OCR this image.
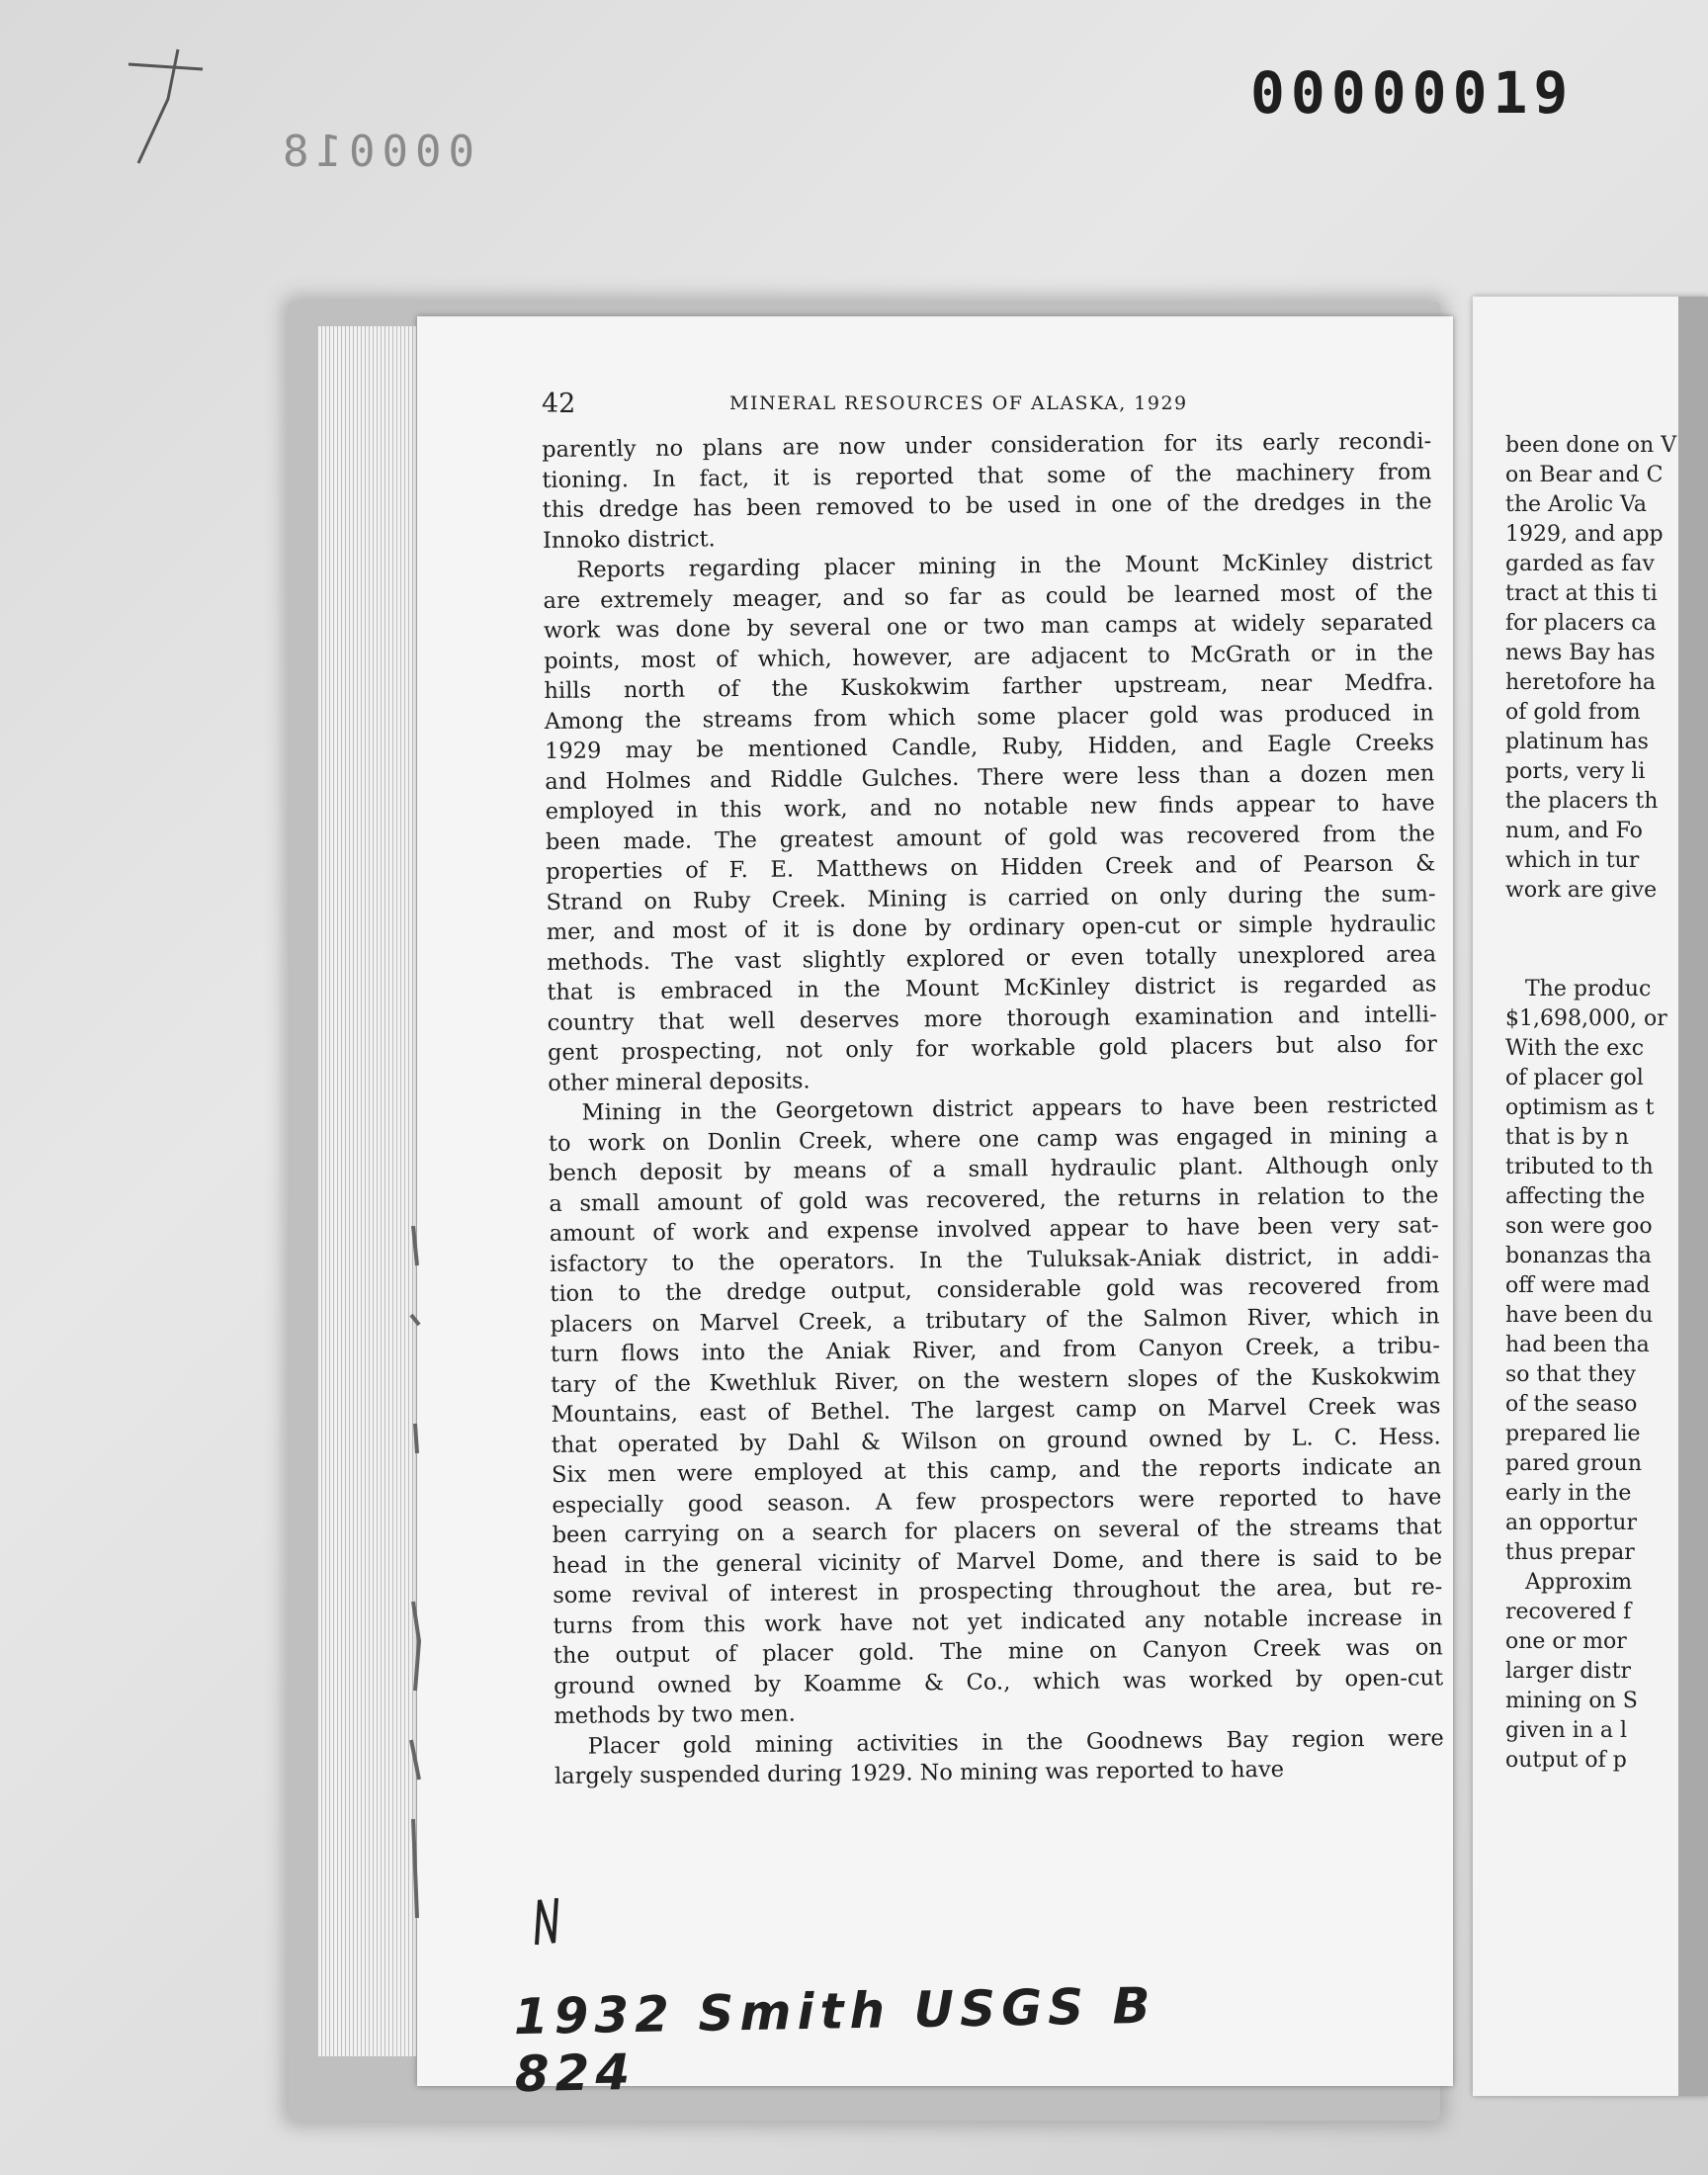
00000019
000018
42	MINERAL RESOURCES OF ALASKA, 1929
parently no plans are now under consideration for its early recondi-
tioning. In fact, it is reported that some of the machinery from
this dredge has been removed to be used in one of the dredges in the
Innoko district.
Reports regarding placer mining in the Mount McKinley district
are extremely meager, and so far as could be learned most of the
work was done by several one or two man camps at widely separated
points, most of which, however, are adjacent to McGrath or in the
hills north of the Kuskokwim farther upstream, near Medfra.
Among the streams from which some placer gold was produced in
1929 may be mentioned Candle, Ruby, Hidden, and Eagle Creeks
and Holmes and Riddle Gulches. There were less than a dozen men
employed in this work, and no notable new finds appear to have
been made. The greatest amount of gold was recovered from the
properties of F. E. Matthews on Hidden Creek and of Pearson &
Strand on Ruby Creek. Mining is carried on only during the sum-
mer, and most of it is done by ordinary open-cut or simple hydraulic
methods. The vast slightly explored or even totally unexplored area
that is embraced in the Mount McKinley district is regarded as
country that well deserves more thorough examination and intelli-
gent prospecting, not only for workable gold placers but also for
other mineral deposits.
Mining in the Georgetown district appears to have been restricted
to work on Donlin Creek, where one camp was engaged in mining a
bench deposit by means of a small hydraulic plant. Although only
a small amount of gold was recovered, the returns in relation to the
amount of work and expense involved appear to have been very sat-
isfactory to the operators. In the Tuluksak-Aniak district, in addi-
tion to the dredge output, considerable gold was recovered from
placers on Marvel Creek, a tributary of the Salmon River, which in
turn flows into the Aniak River, and from Canyon Creek, a tribu-
tary of the Kwethluk River, on the western slopes of the Kuskokwim
Mountains, east of Bethel. The largest camp on Marvel Creek was
that operated by Dahl & Wilson on ground owned by L. C. Hess.
Six men were employed at this camp, and the reports indicate an
especially good season. A few prospectors were reported to have
been carrying on a search for placers on several of the streams that
head in the general vicinity of Marvel Dome, and there is said to be
some revival of interest in prospecting throughout the area, but re-
turns from this work have not yet indicated any notable increase in
the output of placer gold. The mine on Canyon Creek was on
ground owned by Koamme & Co., which was worked by open-cut
methods by two men.
Placer gold mining activities in the Goodnews Bay region were
largely suspended during 1929. No mining was reported to have
been done on V
on Bear and C
the Arolic Va
1929, and app
garded as fav
tract at this ti
for placers ca
news Bay has
heretofore ha
of gold from
platinum has
ports, very li
the placers th
num, and Fo
which in tur
work are give
The produc
$1,698,000, or
With the exc
of placer gol
optimism as t
that is by n
tributed to th
affecting the
son were goo
bonanzas tha
off were mad
have been du
had been tha
so that they
of the seaso
prepared lie
pared groun
early in the
an opportur
thus prepar
Approxim
recovered f
one or mor
larger distr
mining on S
given in a l
output of p
1932 Smith USGS B 824
